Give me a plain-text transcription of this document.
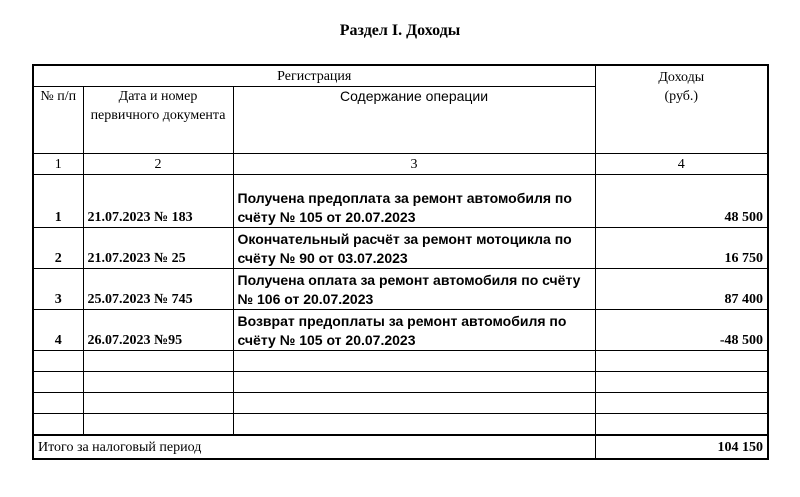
Раздел I. Доходы
Регистрация			Доходы
(руб.)

№ п/п	Дата и номер первичного документа	Содержание операции	
1	2	3	4
1	21.07.2023 № 183	Получена предоплата за ремонт автомобиля по счёту № 105 от 20.07.2023	48 500
2	21.07.2023 № 25	Окончательный расчёт за ремонт мотоцикла по счёту № 90 от 03.07.2023	16 750
3	25.07.2023 № 745	Получена оплата за ремонт автомобиля по счёту № 106 от 20.07.2023	87 400
4	26.07.2023 №95	Возврат предоплаты за ремонт автомобиля по счёту № 105 от 20.07.2023	-48 500

Итого за налоговый период			104 150
